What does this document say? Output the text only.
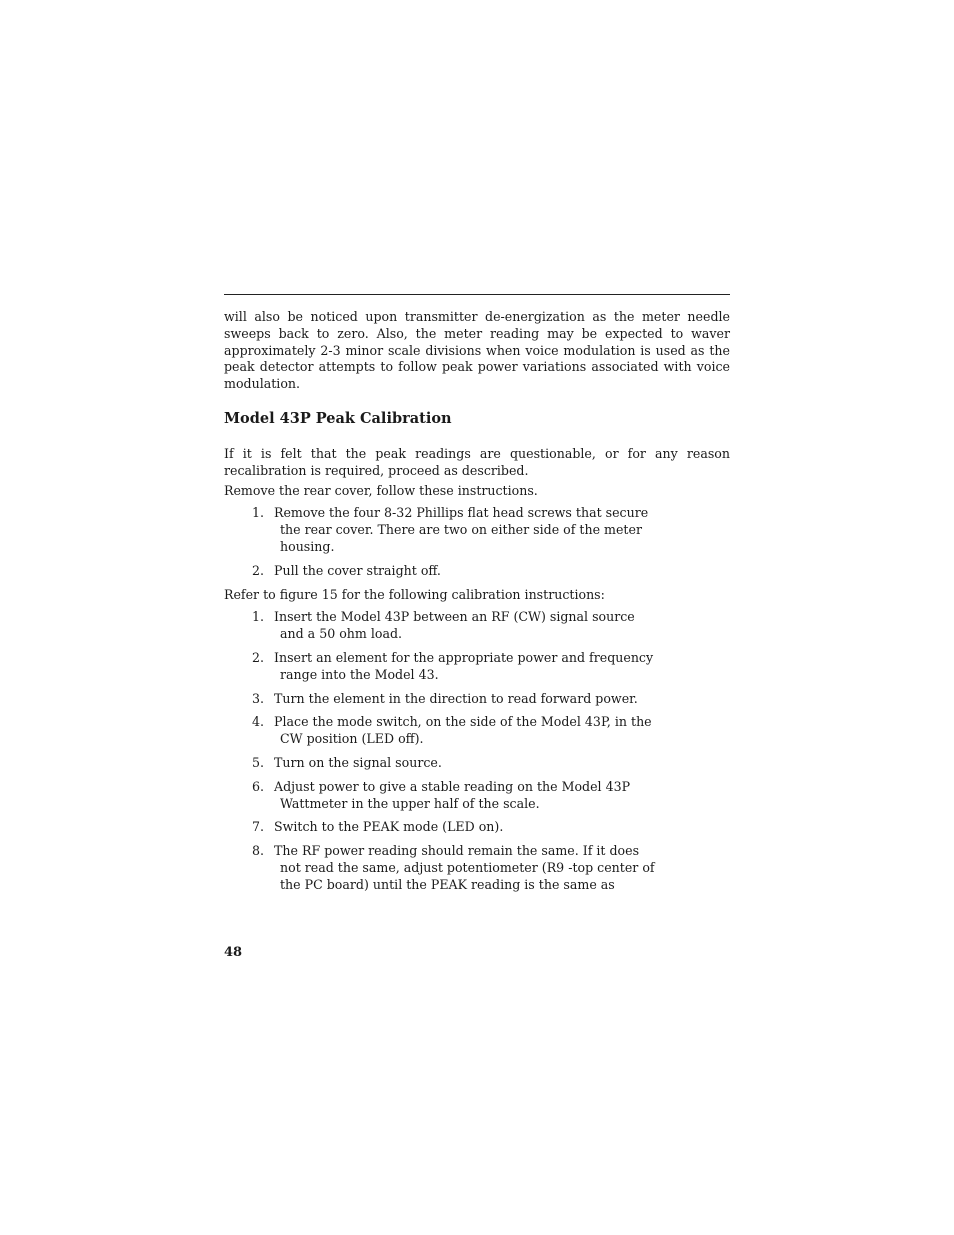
will also be noticed upon transmitter de-energization as the meter needle sweeps back to zero. Also, the meter reading may be expected to waver approximately 2-3 minor scale divisions when voice modulation is used as the peak detector attempts to follow peak power variations associated with voice modulation.

Model 43P Peak Calibration

If it is felt that the peak readings are questionable, or for any reason recalibration is required, proceed as described.

Remove the rear cover, follow these instructions.

1. Remove the four 8-32 Phillips flat head screws that secure the rear cover. There are two on either side of the meter housing.
2. Pull the cover straight off.

Refer to figure 15 for the following calibration instructions:

1. Insert the Model 43P between an RF (CW) signal source and a 50 ohm load.
2. Insert an element for the appropriate power and frequency range into the Model 43.
3. Turn the element in the direction to read forward power.
4. Place the mode switch, on the side of the Model 43P, in the CW position (LED off).
5. Turn on the signal source.
6. Adjust power to give a stable reading on the Model 43P Wattmeter in the upper half of the scale.
7. Switch to the PEAK mode (LED on).
8. The RF power reading should remain the same. If it does not read the same, adjust potentiometer (R9 -top center of the PC board) until the PEAK reading is the same as
48
